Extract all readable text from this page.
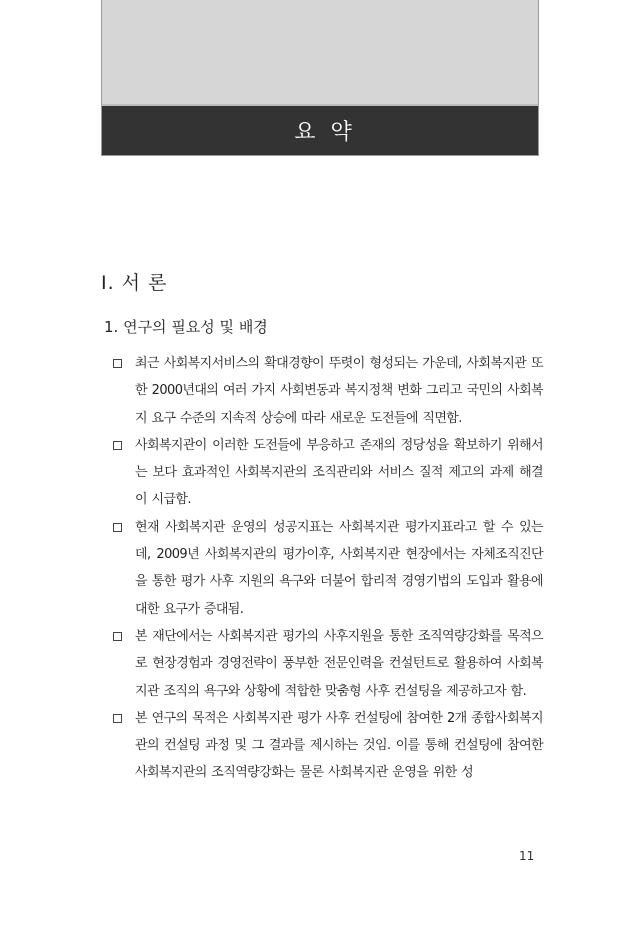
요 약
Ⅰ. 서 론
1. 연구의 필요성 및 배경
최근 사회복지서비스의 확대경향이 뚜렷이 형성되는 가운데, 사회복지관 또한 2000년대의 여러 가지 사회변동과 복지정책 변화 그리고 국민의 사회복지 요구 수준의 지속적 상승에 따라 새로운 도전들에 직면함.
사회복지관이 이러한 도전들에 부응하고 존재의 정당성을 확보하기 위해서는 보다 효과적인 사회복지관의 조직관리와 서비스 질적 제고의 과제 해결이 시급함.
현재 사회복지관 운영의 성공지표는 사회복지관 평가지표라고 할 수 있는데, 2009년 사회복지관의 평가이후, 사회복지관 현장에서는 자체조직진단을 통한 평가 사후 지원의 욕구와 더불어 합리적 경영기법의 도입과 활용에 대한 요구가 증대됨.
본 재단에서는 사회복지관 평가의 사후지원을 통한 조직역량강화를 목적으로 현장경험과 경영전략이 풍부한 전문인력을 컨설턴트로 활용하여 사회복지관 조직의 욕구와 상황에 적합한 맞춤형 사후 컨설팅을 제공하고자 함.
본 연구의 목적은 사회복지관 평가 사후 컨설팅에 참여한 2개 종합사회복지관의 컨설팅 과정 및 그 결과를 제시하는 것임. 이를 통해 컨설팅에 참여한 사회복지관의 조직역량강화는 물론 사회복지관 운영을 위한 성
11
